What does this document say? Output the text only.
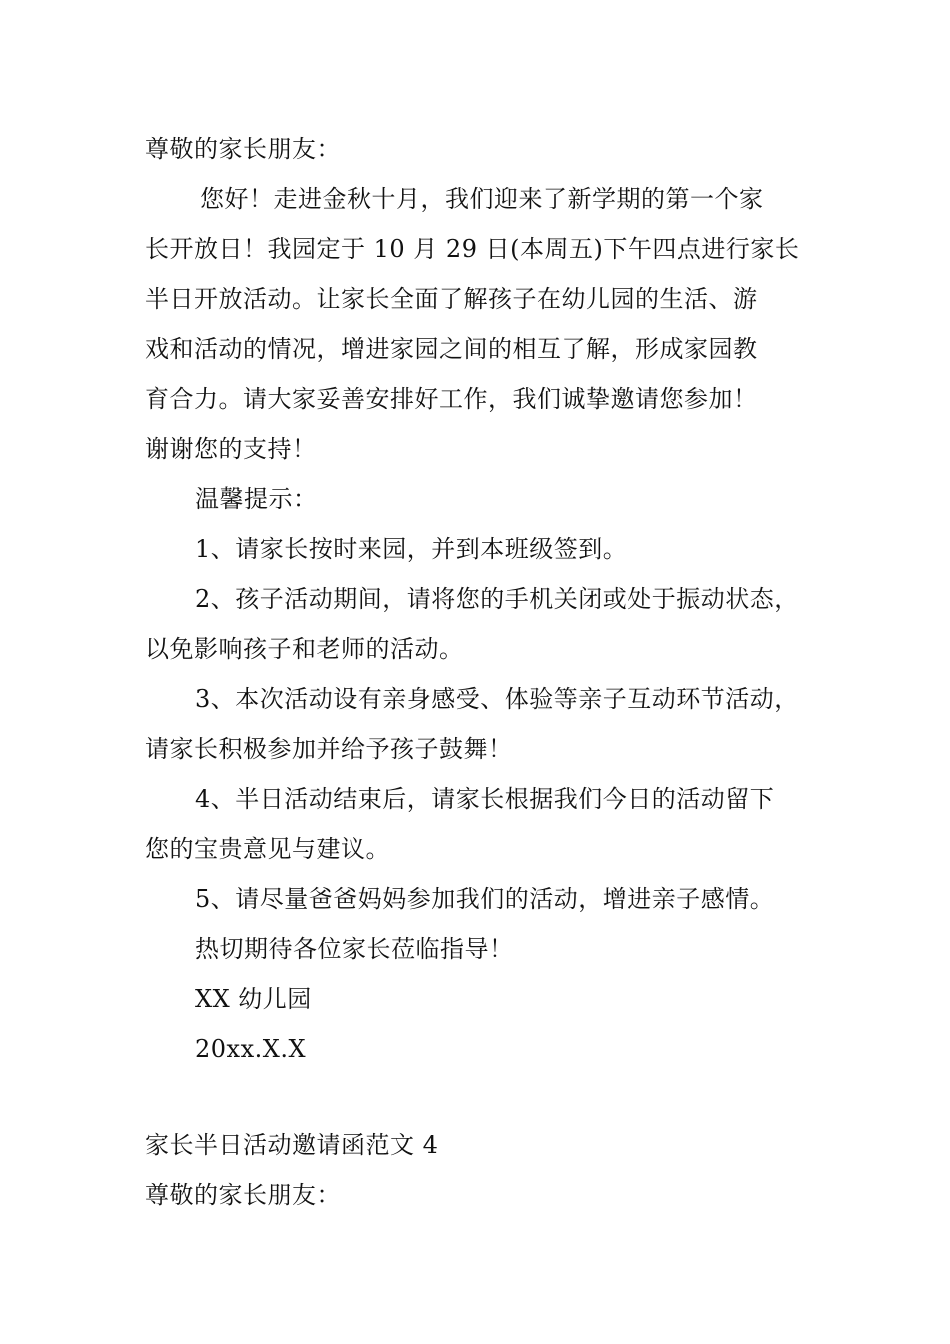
尊敬的家长朋友：
您好！走进金秋十月，我们迎来了新学期的第一个家
长开放日！我园定于 10 月 29 日(本周五)下午四点进行家长
半日开放活动。让家长全面了解孩子在幼儿园的生活、游
戏和活动的情况，增进家园之间的相互了解，形成家园教
育合力。请大家妥善安排好工作，我们诚挚邀请您参加！
谢谢您的支持！
温馨提示：
1、请家长按时来园，并到本班级签到。
2、孩子活动期间，请将您的手机关闭或处于振动状态，
以免影响孩子和老师的活动。
3、本次活动设有亲身感受、体验等亲子互动环节活动，
请家长积极参加并给予孩子鼓舞！
4、半日活动结束后，请家长根据我们今日的活动留下
您的宝贵意见与建议。
5、请尽量爸爸妈妈参加我们的活动，增进亲子感情。
热切期待各位家长莅临指导！
XX 幼儿园
20xx.X.X
家长半日活动邀请函范文 4
尊敬的家长朋友：
